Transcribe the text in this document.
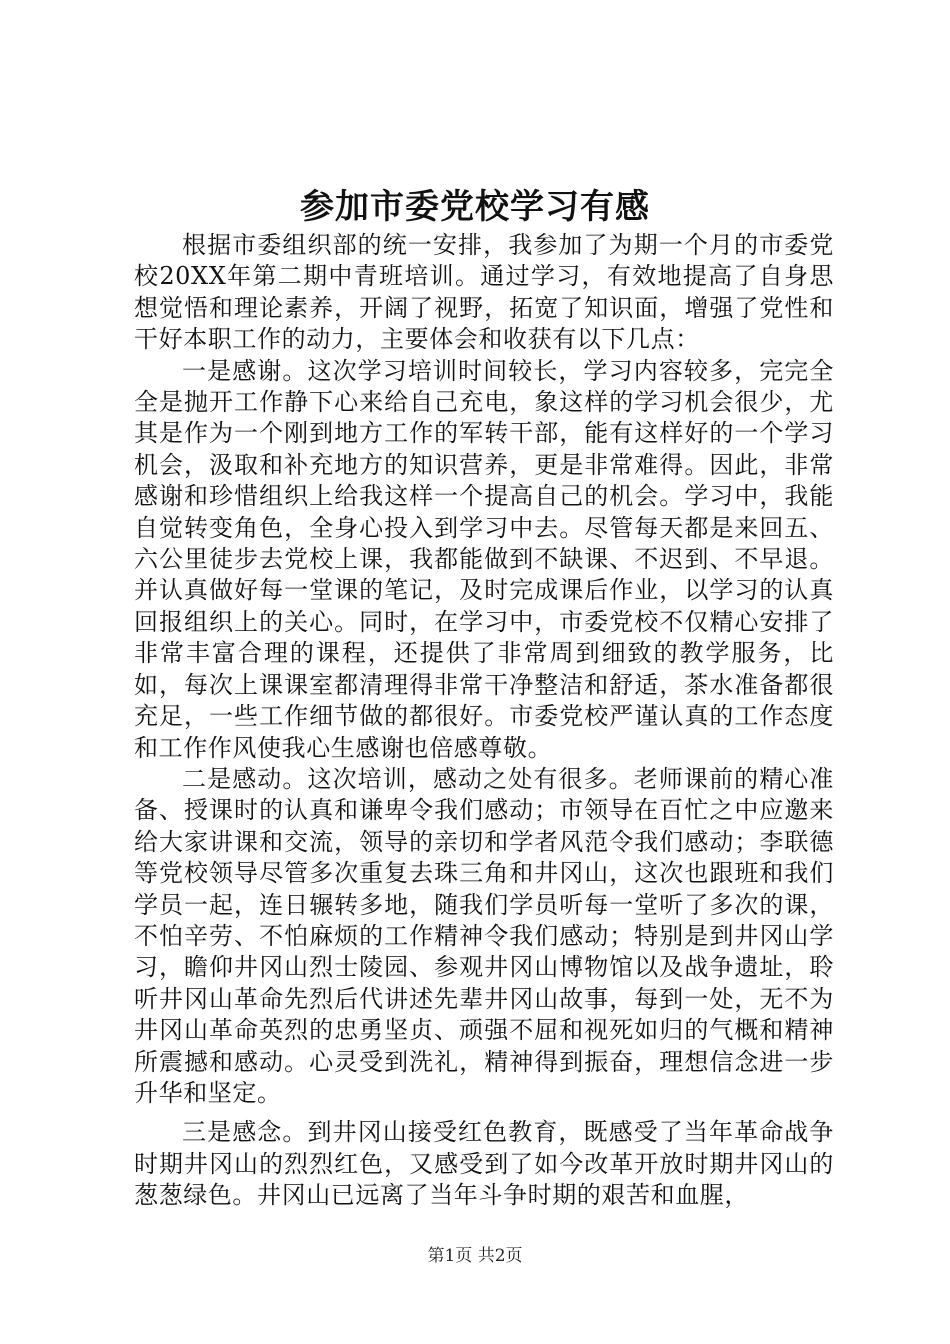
参加市委党校学习有感

根据市委组织部的统一安排，我参加了为期一个月的市委党校20XX年第二期中青班培训。通过学习，有效地提高了自身思想觉悟和理论素养，开阔了视野，拓宽了知识面，增强了党性和干好本职工作的动力，主要体会和收获有以下几点：

一是感谢。这次学习培训时间较长，学习内容较多，完完全全是抛开工作静下心来给自己充电，象这样的学习机会很少，尤其是作为一个刚到地方工作的军转干部，能有这样好的一个学习机会，汲取和补充地方的知识营养，更是非常难得。因此，非常感谢和珍惜组织上给我这样一个提高自己的机会。学习中，我能自觉转变角色，全身心投入到学习中去。尽管每天都是来回五、六公里徒步去党校上课，我都能做到不缺课、不迟到、不早退。并认真做好每一堂课的笔记，及时完成课后作业，以学习的认真回报组织上的关心。同时，在学习中，市委党校不仅精心安排了非常丰富合理的课程，还提供了非常周到细致的教学服务，比如，每次上课课室都清理得非常干净整洁和舒适，茶水准备都很充足，一些工作细节做的都很好。市委党校严谨认真的工作态度和工作作风使我心生感谢也倍感尊敬。

二是感动。这次培训，感动之处有很多。老师课前的精心准备、授课时的认真和谦卑令我们感动；市领导在百忙之中应邀来给大家讲课和交流，领导的亲切和学者风范令我们感动；李联德等党校领导尽管多次重复去珠三角和井冈山，这次也跟班和我们学员一起，连日辗转多地，随我们学员听每一堂听了多次的课，不怕辛劳、不怕麻烦的工作精神令我们感动；特别是到井冈山学习，瞻仰井冈山烈士陵园、参观井冈山博物馆以及战争遗址，聆听井冈山革命先烈后代讲述先辈井冈山故事，每到一处，无不为井冈山革命英烈的忠勇坚贞、顽强不屈和视死如归的气概和精神所震撼和感动。心灵受到洗礼，精神得到振奋，理想信念进一步升华和坚定。

三是感念。到井冈山接受红色教育，既感受了当年革命战争时期井冈山的烈烈红色，又感受到了如今改革开放时期井冈山的葱葱绿色。井冈山已远离了当年斗争时期的艰苦和血腥，

第1页 共2页
